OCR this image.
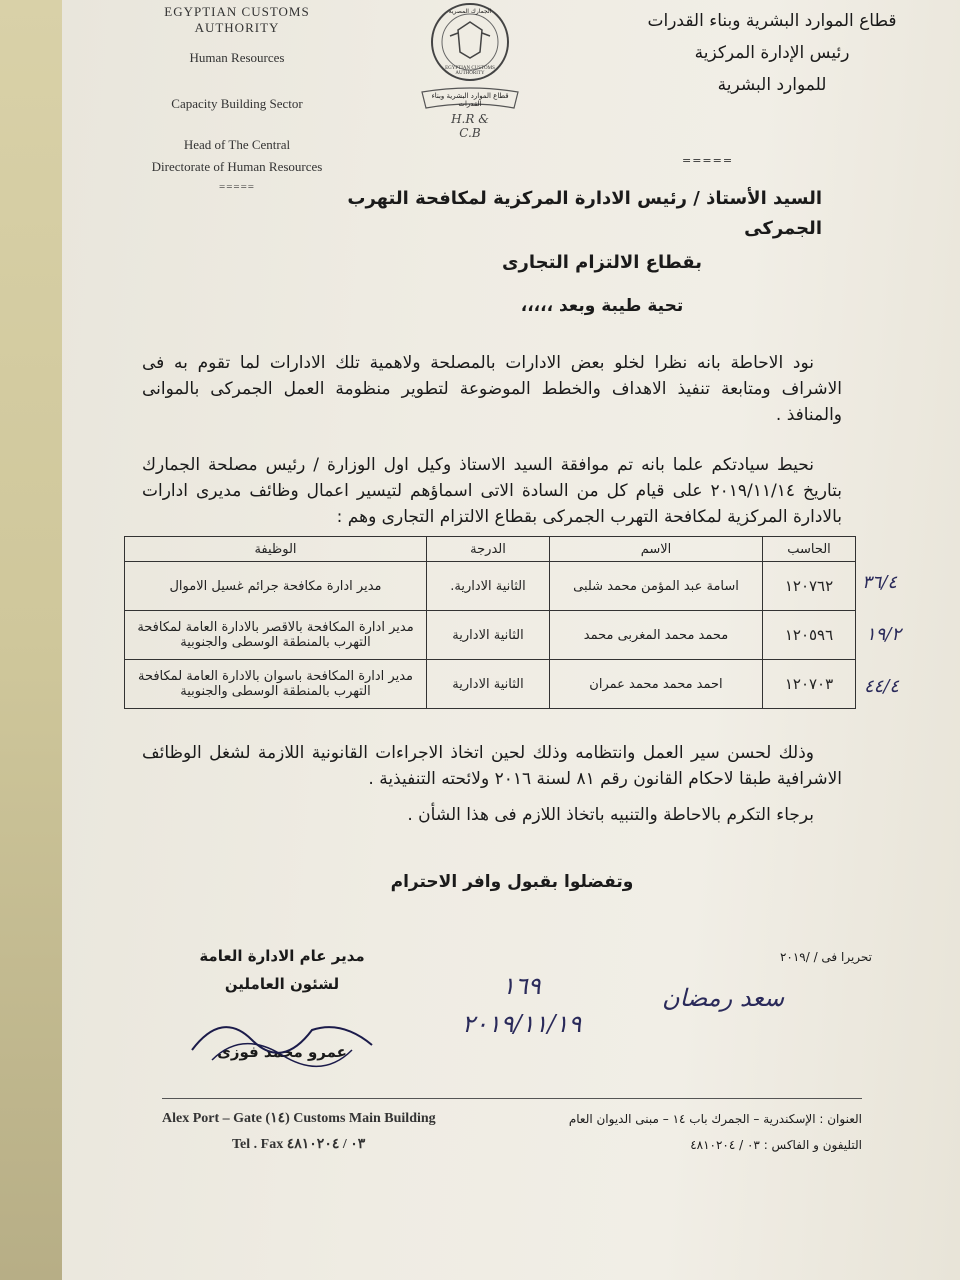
EGYPTIAN CUSTOMS AUTHORITY
Human Resources
Capacity Building Sector
Head of The Central
Directorate of Human Resources
=====
الجمارك المصرية
EGYPTIAN CUSTOMS AUTHORITY
قطاع الموارد البشرية وبناء القدرات
H.R & C.B
قطاع الموارد البشرية وبناء القدرات
رئيس الإدارة المركزية
للموارد البشرية
=====
السيد الأستاذ / رئيس الادارة المركزية لمكافحة التهرب الجمركى
بقطاع الالتزام التجارى
تحية طيبة وبعد ،،،،،
نود الاحاطة بانه نظرا لخلو بعض الادارات بالمصلحة ولاهمية تلك الادارات لما تقوم به فى الاشراف ومتابعة تنفيذ الاهداف والخطط الموضوعة لتطوير منظومة العمل الجمركى بالموانى والمنافذ .
نحيط سيادتكم علما بانه تم موافقة السيد الاستاذ وكيل اول الوزارة / رئيس مصلحة الجمارك بتاريخ ٢٠١٩/١١/١٤ على قيام كل من السادة الاتى اسماؤهم لتيسير اعمال وظائف مديرى ادارات بالادارة المركزية لمكافحة التهرب الجمركى بقطاع الالتزام التجارى وهم :
الحاسب	الاسم	الدرجة	الوظيفة
١٢٠٧٦٢	اسامة عبد المؤمن محمد شلبى	الثانية الادارية.	مدير ادارة مكافحة جرائم غسيل الاموال
١٢٠٥٩٦	محمد محمد المغربى محمد	الثانية الادارية	مدير ادارة المكافحة بالاقصر بالادارة العامة لمكافحة التهرب بالمنطقة الوسطى والجنوبية
١٢٠٧٠٣	احمد محمد محمد عمران	الثانية الادارية	مدير ادارة المكافحة باسوان بالادارة العامة لمكافحة التهرب بالمنطقة الوسطى والجنوبية
٣٦/٤
١٩/٢
٤٤/٤
وذلك لحسن سير العمل وانتظامه وذلك لحين اتخاذ الاجراءات القانونية اللازمة لشغل الوظائف الاشرافية طبقا لاحكام القانون رقم ٨١ لسنة ٢٠١٦ ولائحته التنفيذية .
برجاء التكرم بالاحاطة والتنبيه باتخاذ اللازم فى هذا الشأن .
وتفضلوا بقبول وافر الاحترام
تحريرا فى / /٢٠١٩
مدير عام الادارة العامة
لشئون العاملين
عمرو محمد فوزى
١٦٩
٢٠١٩/١١/١٩
سعد رمضان
Alex Port – Gate (١٤) Customs Main Building
Tel . Fax ٠٣ / ٤٨١٠٢٠٤
العنوان : الإسكندرية – الجمرك باب ١٤ – مبنى الديوان العام
التليفون و الفاكس : ٠٣ / ٤٨١٠٢٠٤
